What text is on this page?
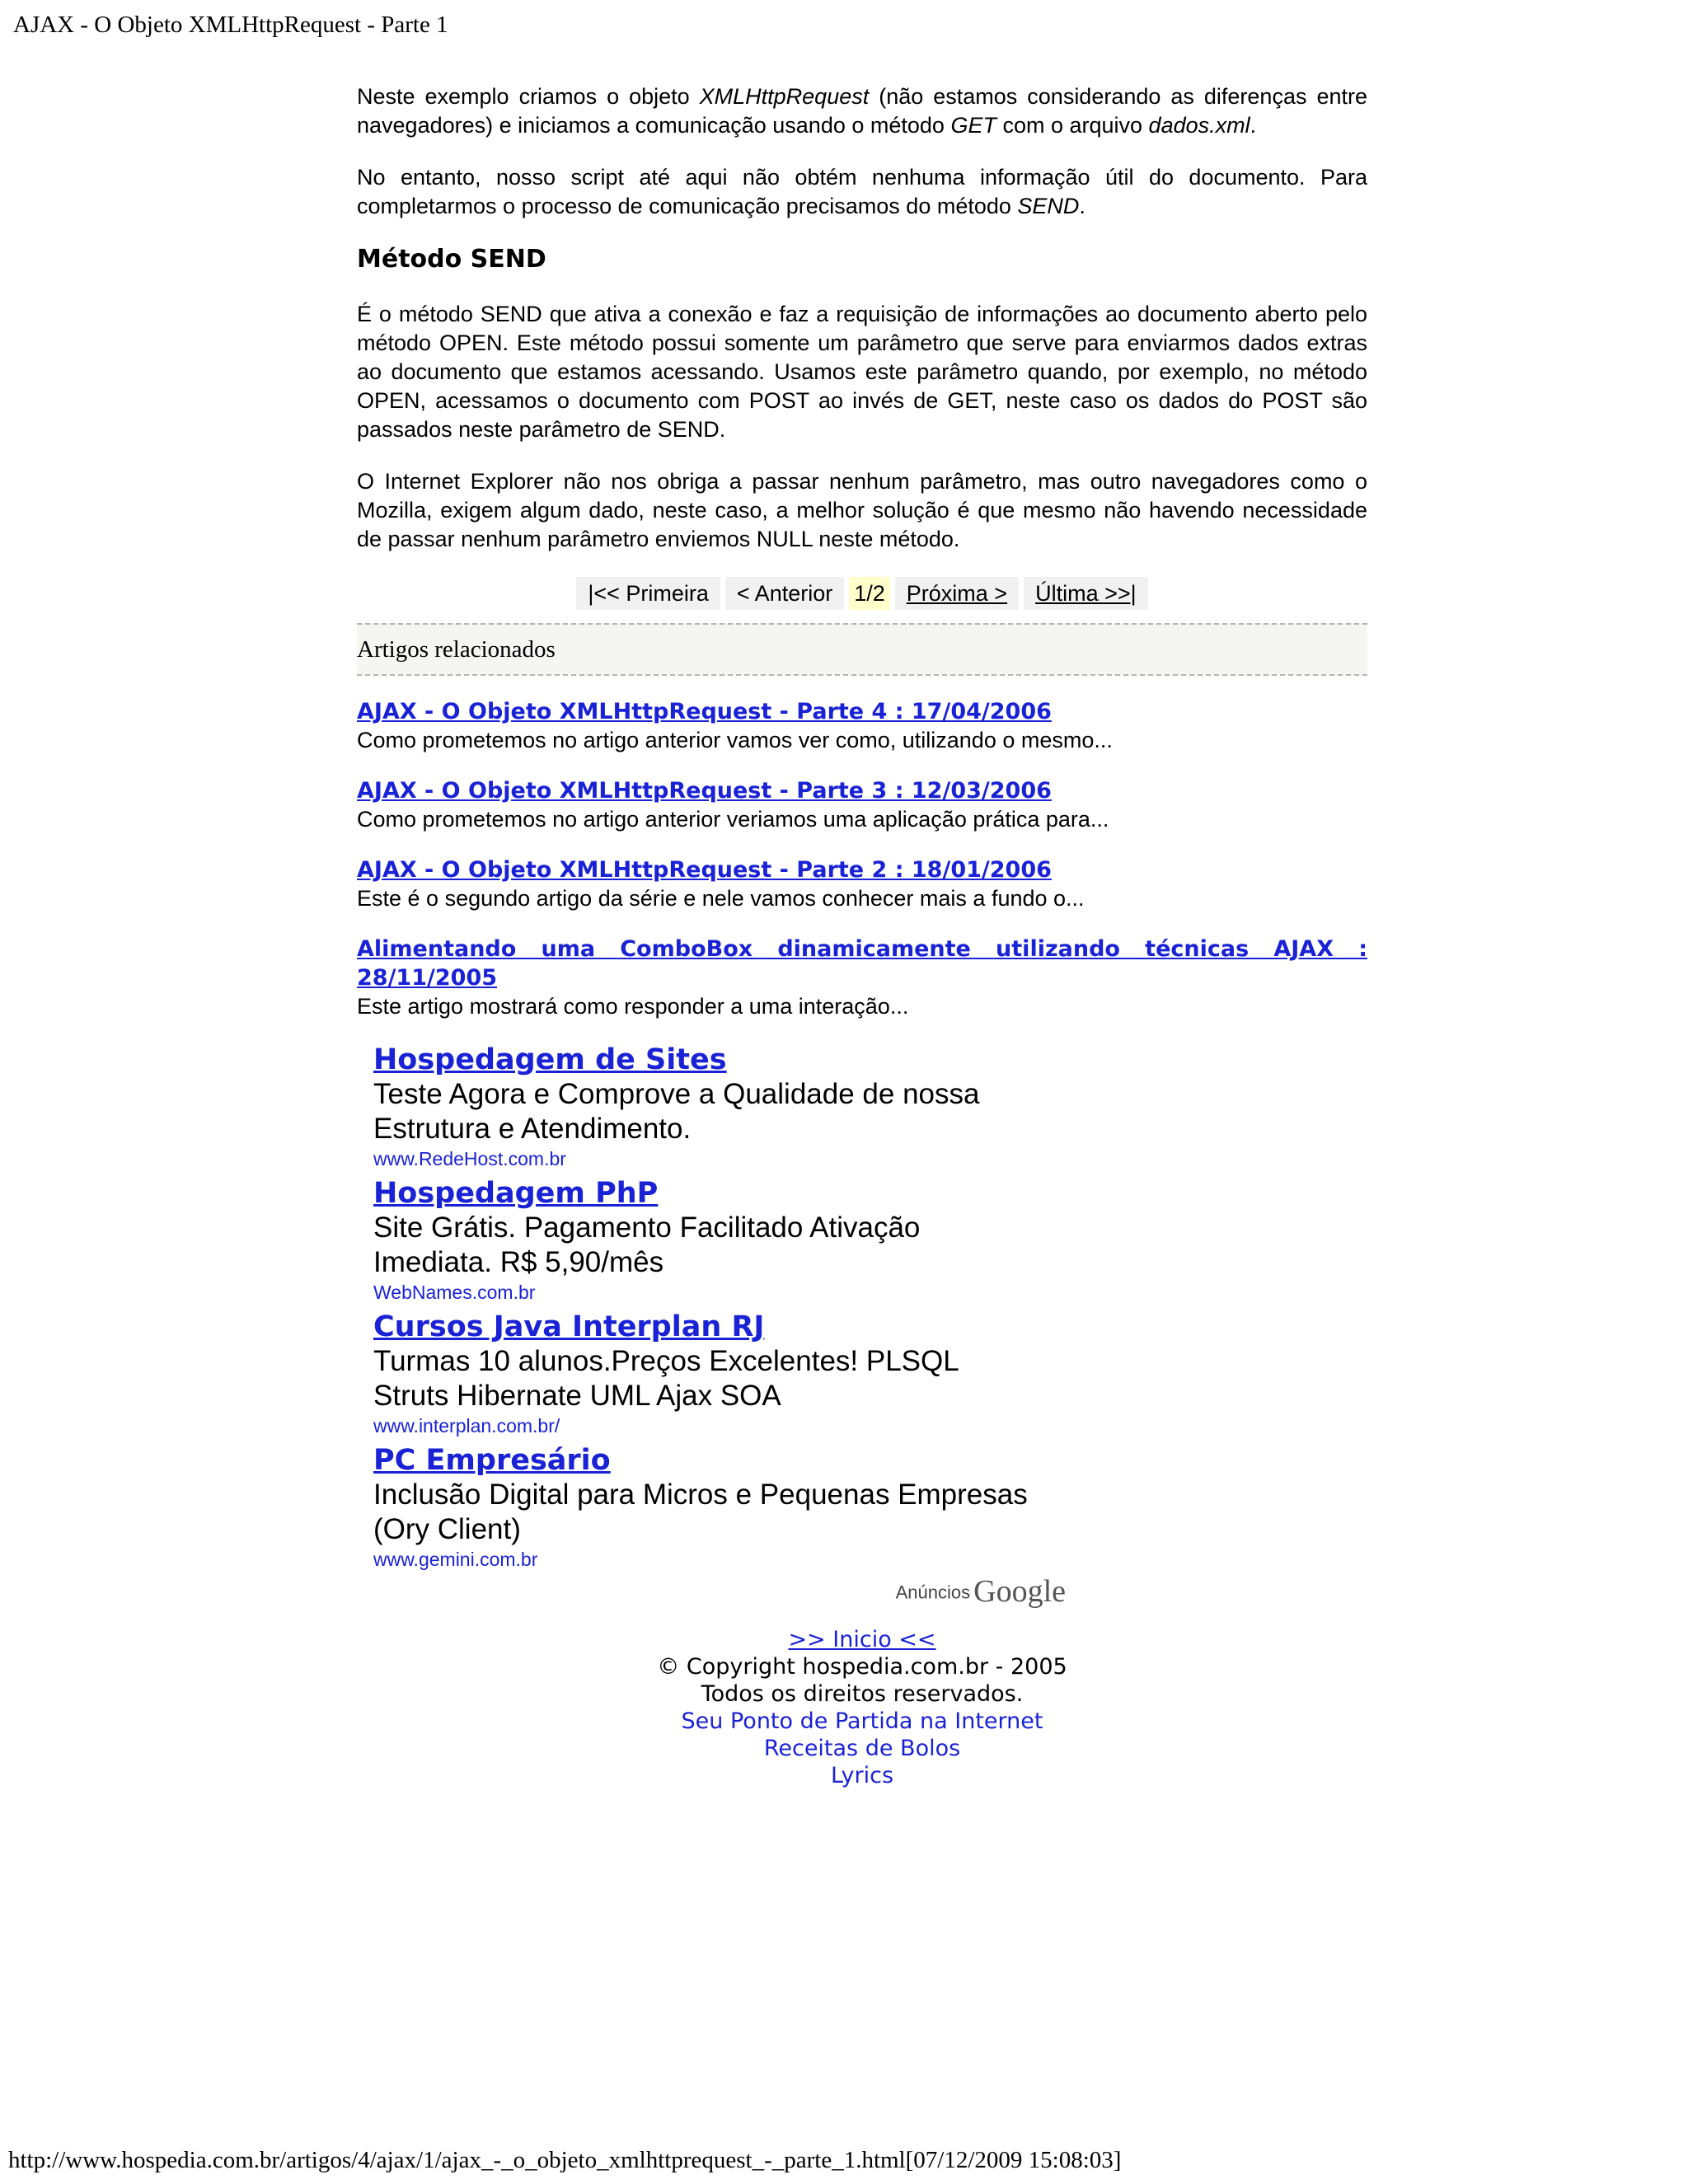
AJAX - O Objeto XMLHttpRequest - Parte 1

Neste exemplo criamos o objeto XMLHttpRequest (não estamos considerando as diferenças entre navegadores) e iniciamos a comunicação usando o método GET com o arquivo dados.xml.

No entanto, nosso script até aqui não obtém nenhuma informação útil do documento. Para completarmos o processo de comunicação precisamos do método SEND.

Método SEND

É o método SEND que ativa a conexão e faz a requisição de informações ao documento aberto pelo método OPEN. Este método possui somente um parâmetro que serve para enviarmos dados extras ao documento que estamos acessando. Usamos este parâmetro quando, por exemplo, no método OPEN, acessamos o documento com POST ao invés de GET, neste caso os dados do POST são passados neste parâmetro de SEND.

O Internet Explorer não nos obriga a passar nenhum parâmetro, mas outro navegadores como o Mozilla, exigem algum dado, neste caso, a melhor solução é que mesmo não havendo necessidade de passar nenhum parâmetro enviemos NULL neste método.

|<< Primeira < Anterior 1/2 Próxima > Última >>|
Artigos relacionados
AJAX - O Objeto XMLHttpRequest - Parte 4 : 17/04/2006
Como prometemos no artigo anterior vamos ver como, utilizando o mesmo...
AJAX - O Objeto XMLHttpRequest - Parte 3 : 12/03/2006
Como prometemos no artigo anterior veriamos uma aplicação prática para...
AJAX - O Objeto XMLHttpRequest - Parte 2 : 18/01/2006
Este é o segundo artigo da série e nele vamos conhecer mais a fundo o...
Alimentando uma ComboBox dinamicamente utilizando técnicas AJAX : 28/11/2005
Este artigo mostrará como responder a uma interação...
Hospedagem de Sites
Teste Agora e Comprove a Qualidade de nossa Estrutura e Atendimento.
www.RedeHost.com.br
Hospedagem PhP
Site Grátis. Pagamento Facilitado Ativação Imediata. R$ 5,90/mês
WebNames.com.br
Cursos Java Interplan RJ
Turmas 10 alunos.Preços Excelentes! PLSQL Struts Hibernate UML Ajax SOA
www.interplan.com.br/
PC Empresário
Inclusão Digital para Micros e Pequenas Empresas (Ory Client)
www.gemini.com.br
Anúncios Google
>> Inicio <<
© Copyright hospedia.com.br - 2005
Todos os direitos reservados.
Seu Ponto de Partida na Internet
Receitas de Bolos
Lyrics
http://www.hospedia.com.br/artigos/4/ajax/1/ajax_-_o_objeto_xmlhttprequest_-_parte_1.html[07/12/2009 15:08:03]
